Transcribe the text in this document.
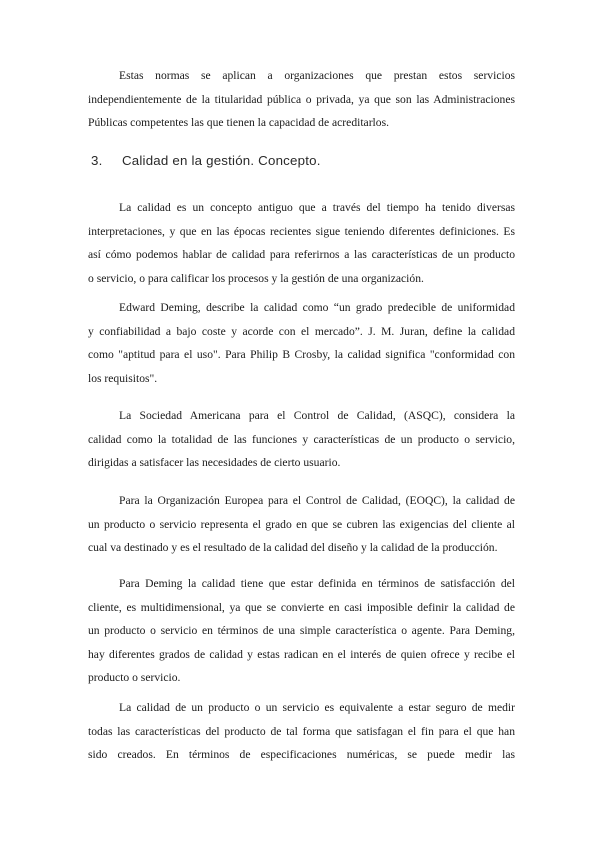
Estas normas se aplican a organizaciones que prestan estos servicios
independientemente de la titularidad pública o privada, ya que son las Administraciones
Públicas competentes las que tienen la capacidad de acreditarlos.

3. Calidad en la gestión. Concepto.

La calidad es un concepto antiguo que a través del tiempo ha tenido diversas
interpretaciones, y que en las épocas recientes sigue teniendo diferentes definiciones. Es
así cómo podemos hablar de calidad para referirnos a las características de un producto
o servicio, o para calificar los procesos y la gestión de una organización.

Edward Deming, describe la calidad como “un grado predecible de uniformidad
y confiabilidad a bajo coste y acorde con el mercado”. J. M. Juran, define la calidad
como "aptitud para el uso". Para Philip B Crosby, la calidad significa "conformidad con
los requisitos".

La Sociedad Americana para el Control de Calidad, (ASQC), considera la
calidad como la totalidad de las funciones y características de un producto o servicio,
dirigidas a satisfacer las necesidades de cierto usuario.

Para la Organización Europea para el Control de Calidad, (EOQC), la calidad de
un producto o servicio representa el grado en que se cubren las exigencias del cliente al
cual va destinado y es el resultado de la calidad del diseño y la calidad de la producción.

Para Deming la calidad tiene que estar definida en términos de satisfacción del
cliente, es multidimensional, ya que se convierte en casi imposible definir la calidad de
un producto o servicio en términos de una simple característica o agente. Para Deming,
hay diferentes grados de calidad y estas radican en el interés de quien ofrece y recibe el
producto o servicio.

La calidad de un producto o un servicio es equivalente a estar seguro de medir
todas las características del producto de tal forma que satisfagan el fin para el que han
sido creados. En términos de especificaciones numéricas, se puede medir las
